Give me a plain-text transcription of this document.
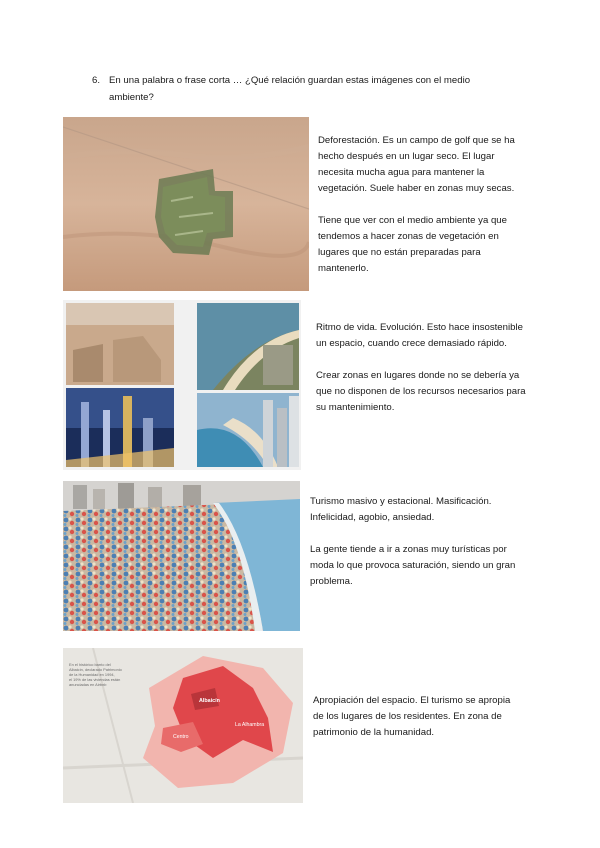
6. En una palabra o frase corta … ¿Qué relación guardan estas imágenes con el medio ambiente?

Deforestación. Es un campo de golf que se ha hecho después en un lugar seco. El lugar necesita mucha agua para mantener la vegetación. Suele haber en zonas muy secas.

Tiene que ver con el medio ambiente ya que tendemos a hacer zonas de vegetación en lugares que no están preparadas para mantenerlo.

Ritmo de vida. Evolución. Esto hace insostenible un espacio, cuando crece demasiado rápido.

Crear zonas en lugares donde no se debería ya que no disponen de los recursos necesarios para su mantenimiento.

Turismo masivo y estacional. Masificación. Infelicidad, agobio, ansiedad.

La gente tiende a ir a zonas muy turísticas por moda lo que provoca saturación, siendo un gran problema.

En el histórico barrio del Albaicín, declarado Patrimonio de la Humanidad en 1994, el 19% de las viviendas están anunciadas en Airbnb
Albaicín
La Alhambra
Centro

Apropiación del espacio. El turismo se apropia de los lugares de los residentes. En zona de patrimonio de la humanidad.
